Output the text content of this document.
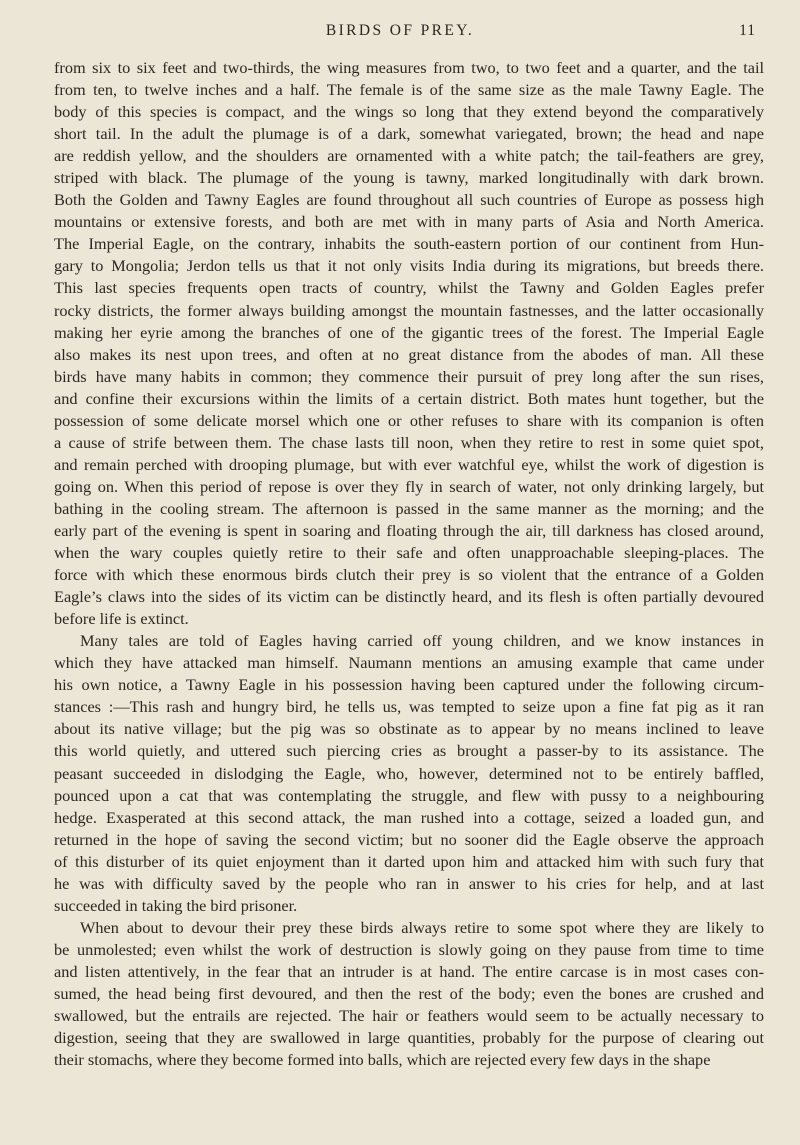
BIRDS OF PREY.	11
from six to six feet and two-thirds, the wing measures from two, to two feet and a quarter, and the tail
from ten, to twelve inches and a half. The female is of the same size as the male Tawny Eagle. The
body of this species is compact, and the wings so long that they extend beyond the comparatively
short tail. In the adult the plumage is of a dark, somewhat variegated, brown; the head and nape
are reddish yellow, and the shoulders are ornamented with a white patch; the tail-feathers are grey,
striped with black. The plumage of the young is tawny, marked longitudinally with dark brown.
Both the Golden and Tawny Eagles are found throughout all such countries of Europe as possess high
mountains or extensive forests, and both are met with in many parts of Asia and North America.
The Imperial Eagle, on the contrary, inhabits the south-eastern portion of our continent from Hun-
gary to Mongolia; Jerdon tells us that it not only visits India during its migrations, but breeds there.
This last species frequents open tracts of country, whilst the Tawny and Golden Eagles prefer
rocky districts, the former always building amongst the mountain fastnesses, and the latter occasionally
making her eyrie among the branches of one of the gigantic trees of the forest. The Imperial Eagle
also makes its nest upon trees, and often at no great distance from the abodes of man. All these
birds have many habits in common; they commence their pursuit of prey long after the sun rises,
and confine their excursions within the limits of a certain district. Both mates hunt together, but the
possession of some delicate morsel which one or other refuses to share with its companion is often
a cause of strife between them. The chase lasts till noon, when they retire to rest in some quiet spot,
and remain perched with drooping plumage, but with ever watchful eye, whilst the work of digestion is
going on. When this period of repose is over they fly in search of water, not only drinking largely, but
bathing in the cooling stream. The afternoon is passed in the same manner as the morning; and the
early part of the evening is spent in soaring and floating through the air, till darkness has closed around,
when the wary couples quietly retire to their safe and often unapproachable sleeping-places. The
force with which these enormous birds clutch their prey is so violent that the entrance of a Golden
Eagle’s claws into the sides of its victim can be distinctly heard, and its flesh is often partially devoured
before life is extinct.
Many tales are told of Eagles having carried off young children, and we know instances in
which they have attacked man himself. Naumann mentions an amusing example that came under
his own notice, a Tawny Eagle in his possession having been captured under the following circum-
stances :—This rash and hungry bird, he tells us, was tempted to seize upon a fine fat pig as it ran
about its native village; but the pig was so obstinate as to appear by no means inclined to leave
this world quietly, and uttered such piercing cries as brought a passer-by to its assistance. The
peasant succeeded in dislodging the Eagle, who, however, determined not to be entirely baffled,
pounced upon a cat that was contemplating the struggle, and flew with pussy to a neighbouring
hedge. Exasperated at this second attack, the man rushed into a cottage, seized a loaded gun, and
returned in the hope of saving the second victim; but no sooner did the Eagle observe the approach
of this disturber of its quiet enjoyment than it darted upon him and attacked him with such fury that
he was with difficulty saved by the people who ran in answer to his cries for help, and at last
succeeded in taking the bird prisoner.
When about to devour their prey these birds always retire to some spot where they are likely to
be unmolested; even whilst the work of destruction is slowly going on they pause from time to time
and listen attentively, in the fear that an intruder is at hand. The entire carcase is in most cases con-
sumed, the head being first devoured, and then the rest of the body; even the bones are crushed and
swallowed, but the entrails are rejected. The hair or feathers would seem to be actually necessary to
digestion, seeing that they are swallowed in large quantities, probably for the purpose of clearing out
their stomachs, where they become formed into balls, which are rejected every few days in the shape
